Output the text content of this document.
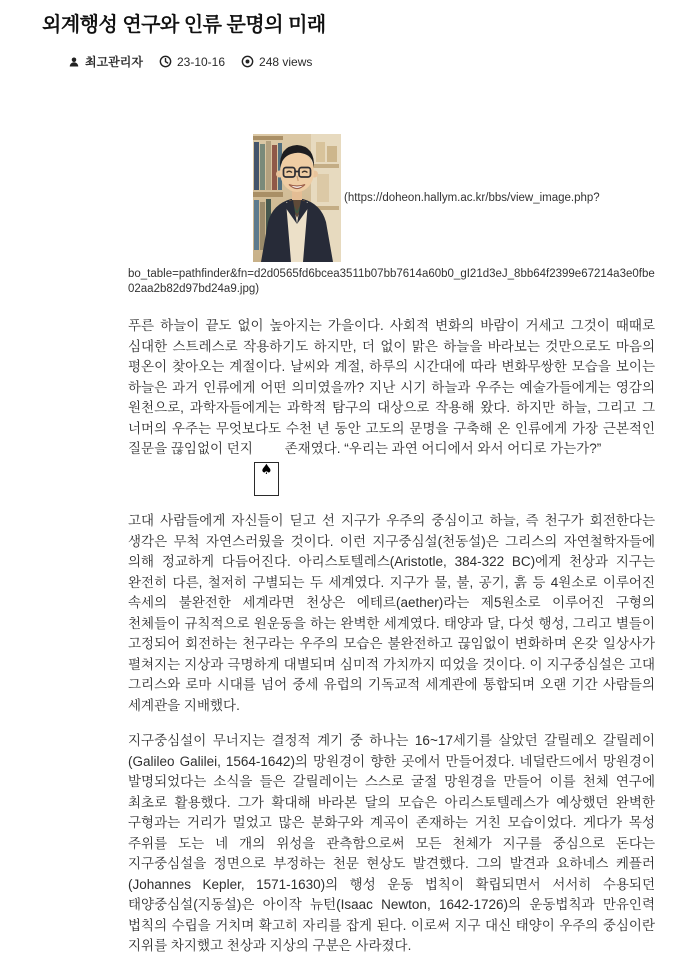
외계행성 연구와 인류 문명의 미래
최고관리자	23-10-16	248 views
(https://doheon.hallym.ac.kr/bbs/view_image.php?
bo_table=pathfinder&fn=d2d0565fd6bcea3511b07bb7614a60b0_gI21d3eJ_8bb64f2399e67214a3e0fbe02aa2b82d97bd24a9.jpg)

푸른 하늘이 끝도 없이 높아지는 가을이다. 사회적 변화의 바람이 거세고 그것이 때때로 심대한 스트레스로 작용하기도 하지만, 더 없이 맑은 하늘을 바라보는 것만으로도 마음의 평온이 찾아오는 계절이다. 날씨와 계절, 하루의 시간대에 따라 변화무쌍한 모습을 보이는 하늘은 과거 인류에게 어떤 의미였을까? 지난 시기 하늘과 우주는 예술가들에게는 영감의 원천으로, 과학자들에게는 과학적 탐구의 대상으로 작용해 왔다. 하지만 하늘, 그리고 그 너머의 우주는 무엇보다도 수천 년 동안 고도의 문명을 구축해 온 인류에게 가장 근본적인 질문을 끊임없이 던지
♠
존재였다. “우리는 과연 어디에서 와서 어디로 가는가?”

고대 사람들에게 자신들이 딛고 선 지구가 우주의 중심이고 하늘, 즉 천구가 회전한다는 생각은 무척 자연스러웠을 것이다. 이런 지구중심설(천동설)은 그리스의 자연철학자들에 의해 정교하게 다듬어진다. 아리스토텔레스(Aristotle, 384-322 BC)에게 천상과 지구는 완전히 다른, 철저히 구별되는 두 세계였다. 지구가 물, 불, 공기, 흙 등 4원소로 이루어진 속세의 불완전한 세계라면 천상은 에테르(aether)라는 제5원소로 이루어진 구형의 천체들이 규칙적으로 원운동을 하는 완벽한 세계였다. 태양과 달, 다섯 행성, 그리고 별들이 고정되어 회전하는 천구라는 우주의 모습은 불완전하고 끊임없이 변화하며 온갖 일상사가 펼쳐지는 지상과 극명하게 대별되며 심미적 가치까지 띠었을 것이다. 이 지구중심설은 고대 그리스와 로마 시대를 넘어 중세 유럽의 기독교적 세계관에 통합되며 오랜 기간 사람들의 세계관을 지배했다.

지구중심설이 무너지는 결정적 계기 중 하나는 16~17세기를 살았던 갈릴레오 갈릴레이(Galileo Galilei, 1564-1642)의 망원경이 향한 곳에서 만들어졌다. 네덜란드에서 망원경이 발명되었다는 소식을 들은 갈릴레이는 스스로 굴절 망원경을 만들어 이를 천체 연구에 최초로 활용했다. 그가 확대해 바라본 달의 모습은 아리스토텔레스가 예상했던 완벽한 구형과는 거리가 멀었고 많은 분화구와 계곡이 존재하는 거친 모습이었다. 게다가 목성 주위를 도는 네 개의 위성을 관측함으로써 모든 천체가 지구를 중심으로 돈다는 지구중심설을 정면으로 부정하는 천문 현상도 발견했다. 그의 발견과 요하네스 케플러(Johannes Kepler, 1571-1630)의 행성 운동 법칙이 확립되면서 서서히 수용되던 태양중심설(지동설)은 아이작 뉴턴(Isaac Newton, 1642-1726)의 운동법칙과 만유인력 법칙의 수립을 거치며 확고히 자리를 잡게 된다. 이로써 지구 대신 태양이 우주의 중심이란 지위를 차지했고 천상과 지상의 구분은 사라졌다.
